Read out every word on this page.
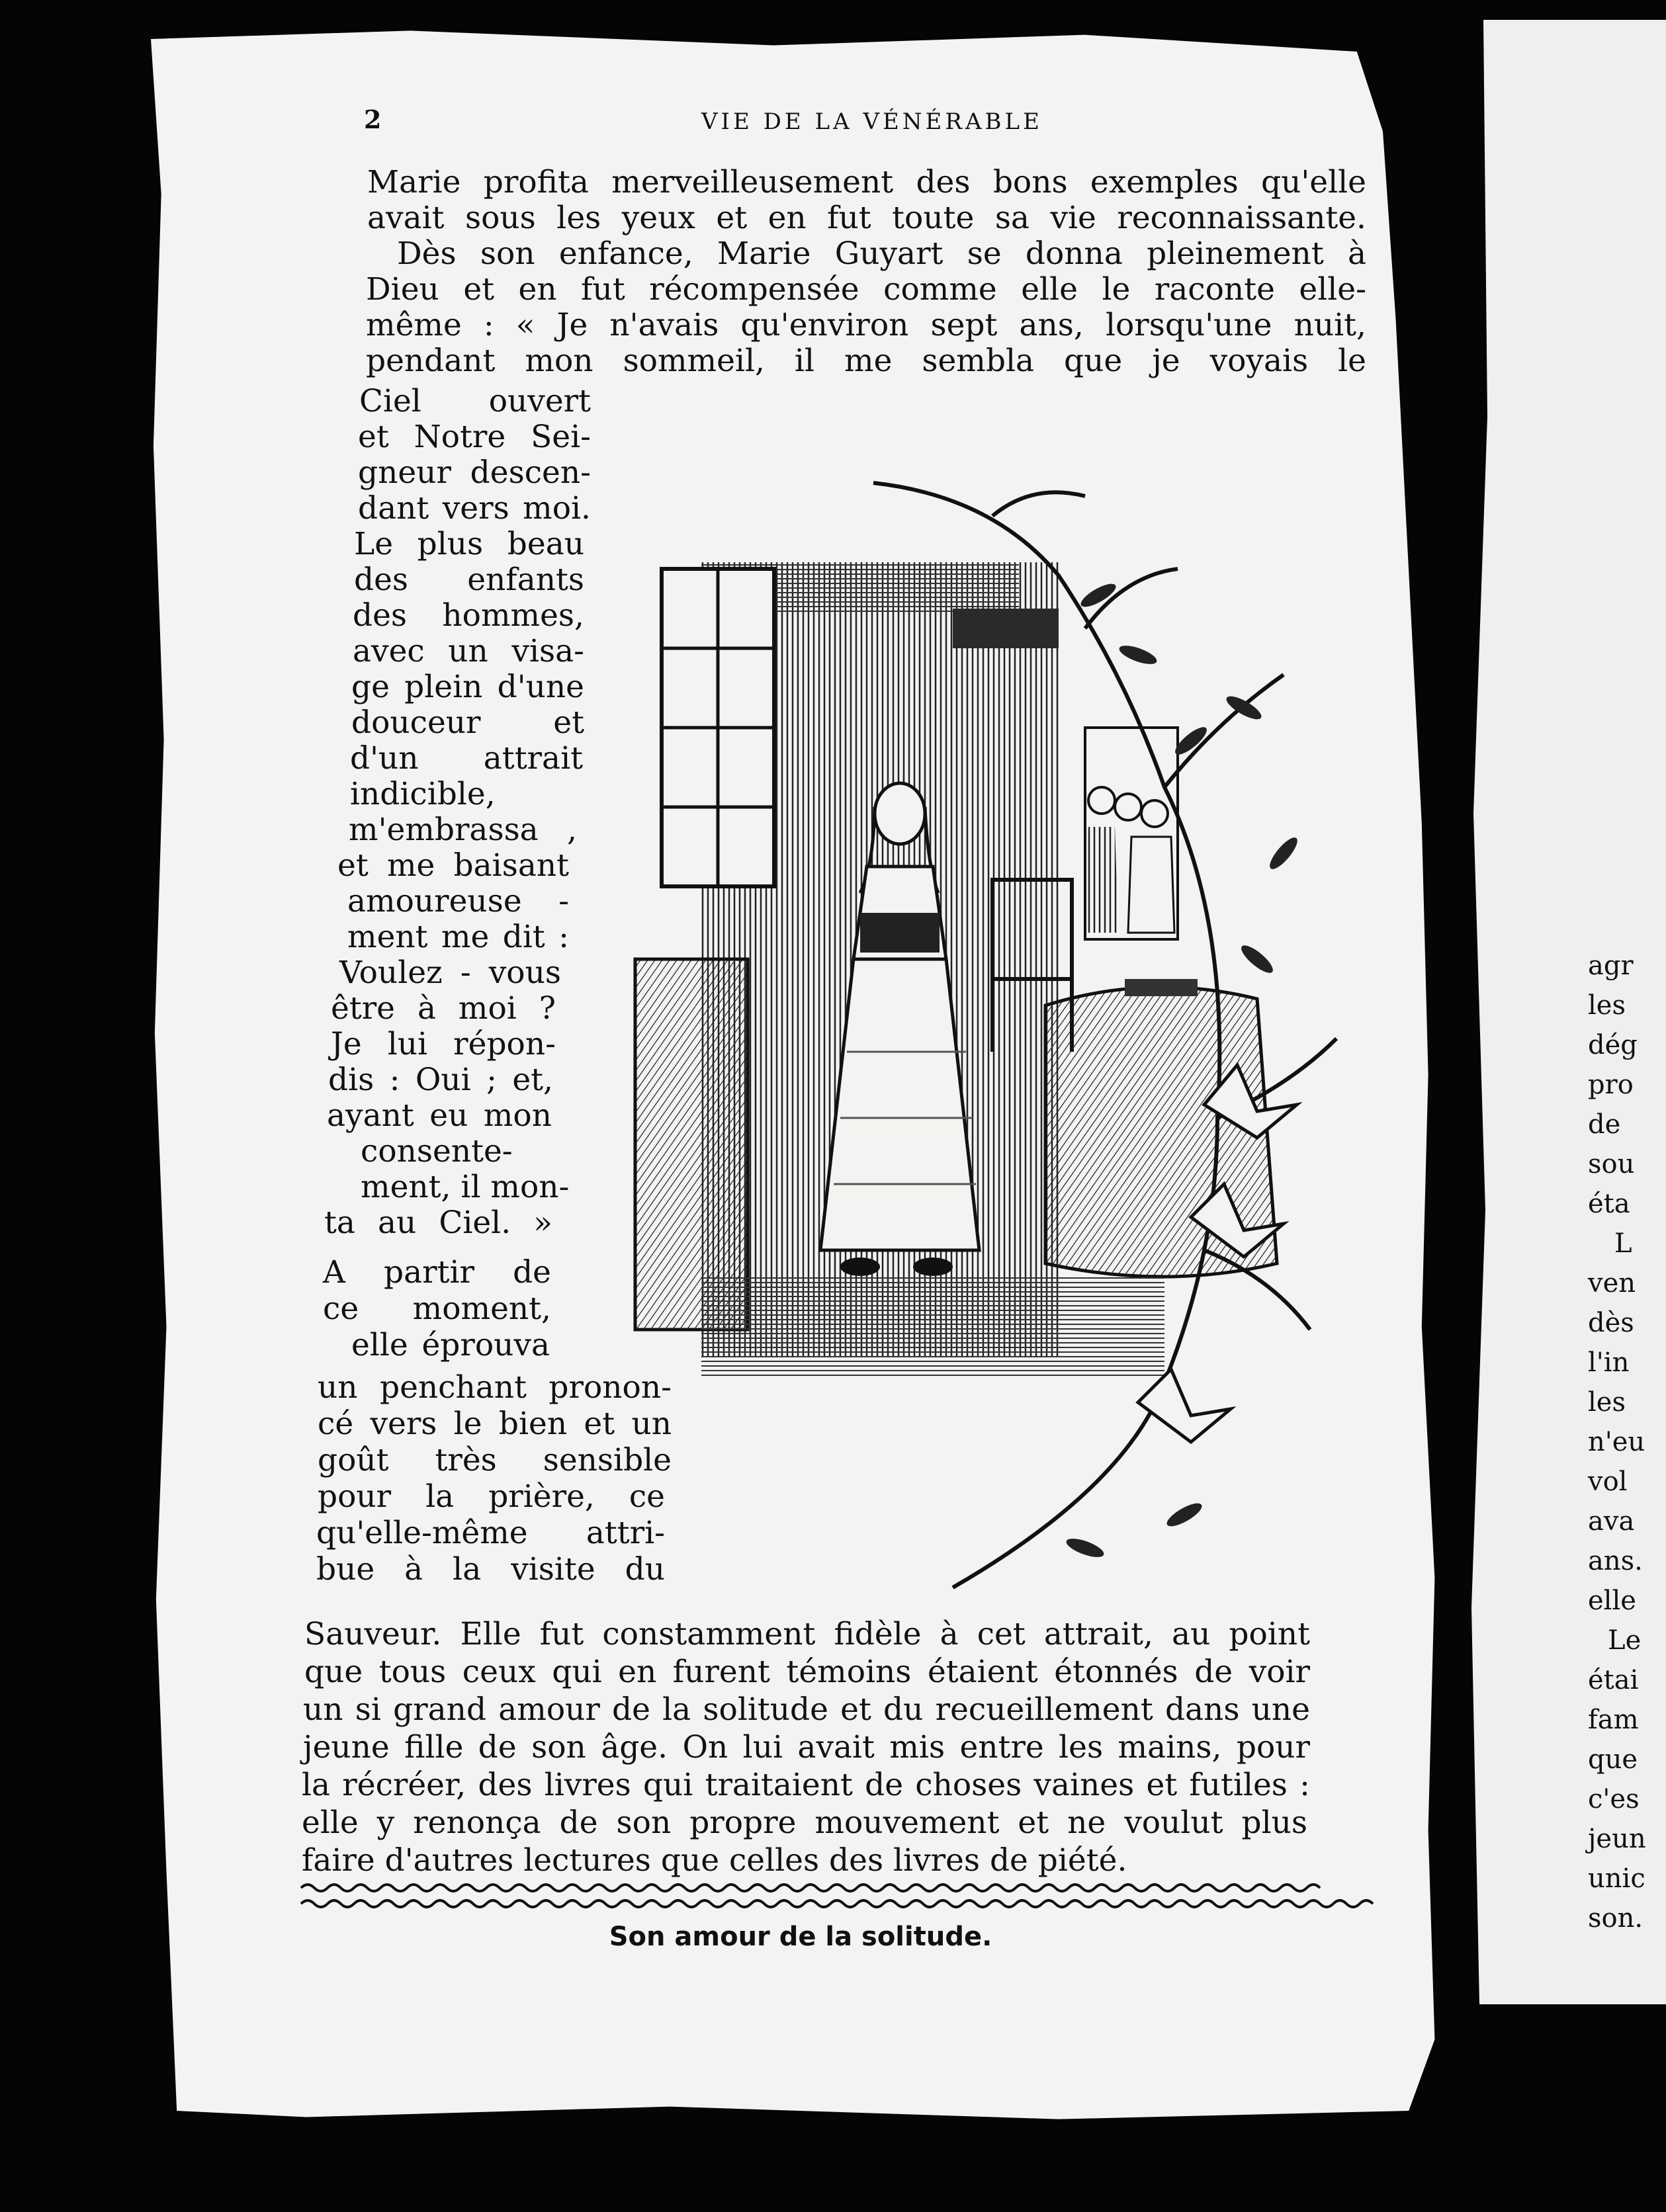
2	VIE DE LA VÉNÉRABLE
Marie profita merveilleusement des bons exemples qu'elle
avait sous les yeux et en fut toute sa vie reconnaissante.
Dès son enfance, Marie Guyart se donna pleinement à
Dieu et en fut récompensée comme elle le raconte elle-
même : « Je n'avais qu'environ sept ans, lorsqu'une nuit,
pendant mon sommeil, il me sembla que je voyais le
Ciel ouvert
et Notre Sei-
gneur descen-
dant vers moi.
Le plus beau
des enfants
des hommes,
avec un visa-
ge plein d'une
douceur et
d'un attrait
indicible,
m'embrassa ,
et me baisant
amoureuse -
ment me dit :
Voulez - vous
être à moi ?
Je lui répon-
dis : Oui ; et,
ayant eu mon
consente-
ment, il mon-
ta au Ciel. »
A partir de
ce moment,
elle éprouva
un penchant pronon-
cé vers le bien et un
goût très sensible
pour la prière, ce
qu'elle-même attri-
bue à la visite du
Sauveur. Elle fut constamment fidèle à cet attrait, au point
que tous ceux qui en furent témoins étaient étonnés de voir
un si grand amour de la solitude et du recueillement dans une
jeune fille de son âge. On lui avait mis entre les mains, pour
la récréer, des livres qui traitaient de choses vaines et futiles :
elle y renonça de son propre mouvement et ne voulut plus
faire d'autres lectures que celles des livres de piété.
Son amour de la solitude.
agr
les
dég
pro
de
sou
éta
L
ven
dès
l'in
les
n'eu
vol
ava
ans.
elle
Le
étai
fam
que
c'es
jeun
unic
son.
